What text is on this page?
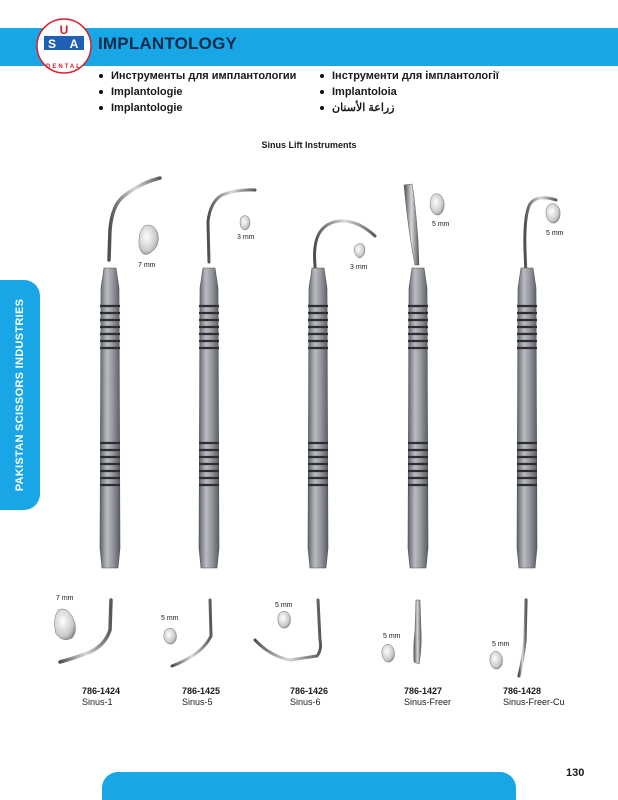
U
S A
DENTAL
IMPLANTOLOGY
Инструменты для имплантологии
Implantologie
Implantologie
Інструменти для імплантології
Implantoloia
زراعة الأسنان
Sinus Lift Instruments
PAKISTAN SCISSORS INDUSTRIES
7 mm
7 mm
3 mm
5 mm
3 mm
5 mm
5 mm
5 mm
5 mm
5 mm
786-1424
Sinus-1
786-1425
Sinus-5
786-1426
Sinus-6
786-1427
Sinus-Freer
786-1428
Sinus-Freer-Cu
130
